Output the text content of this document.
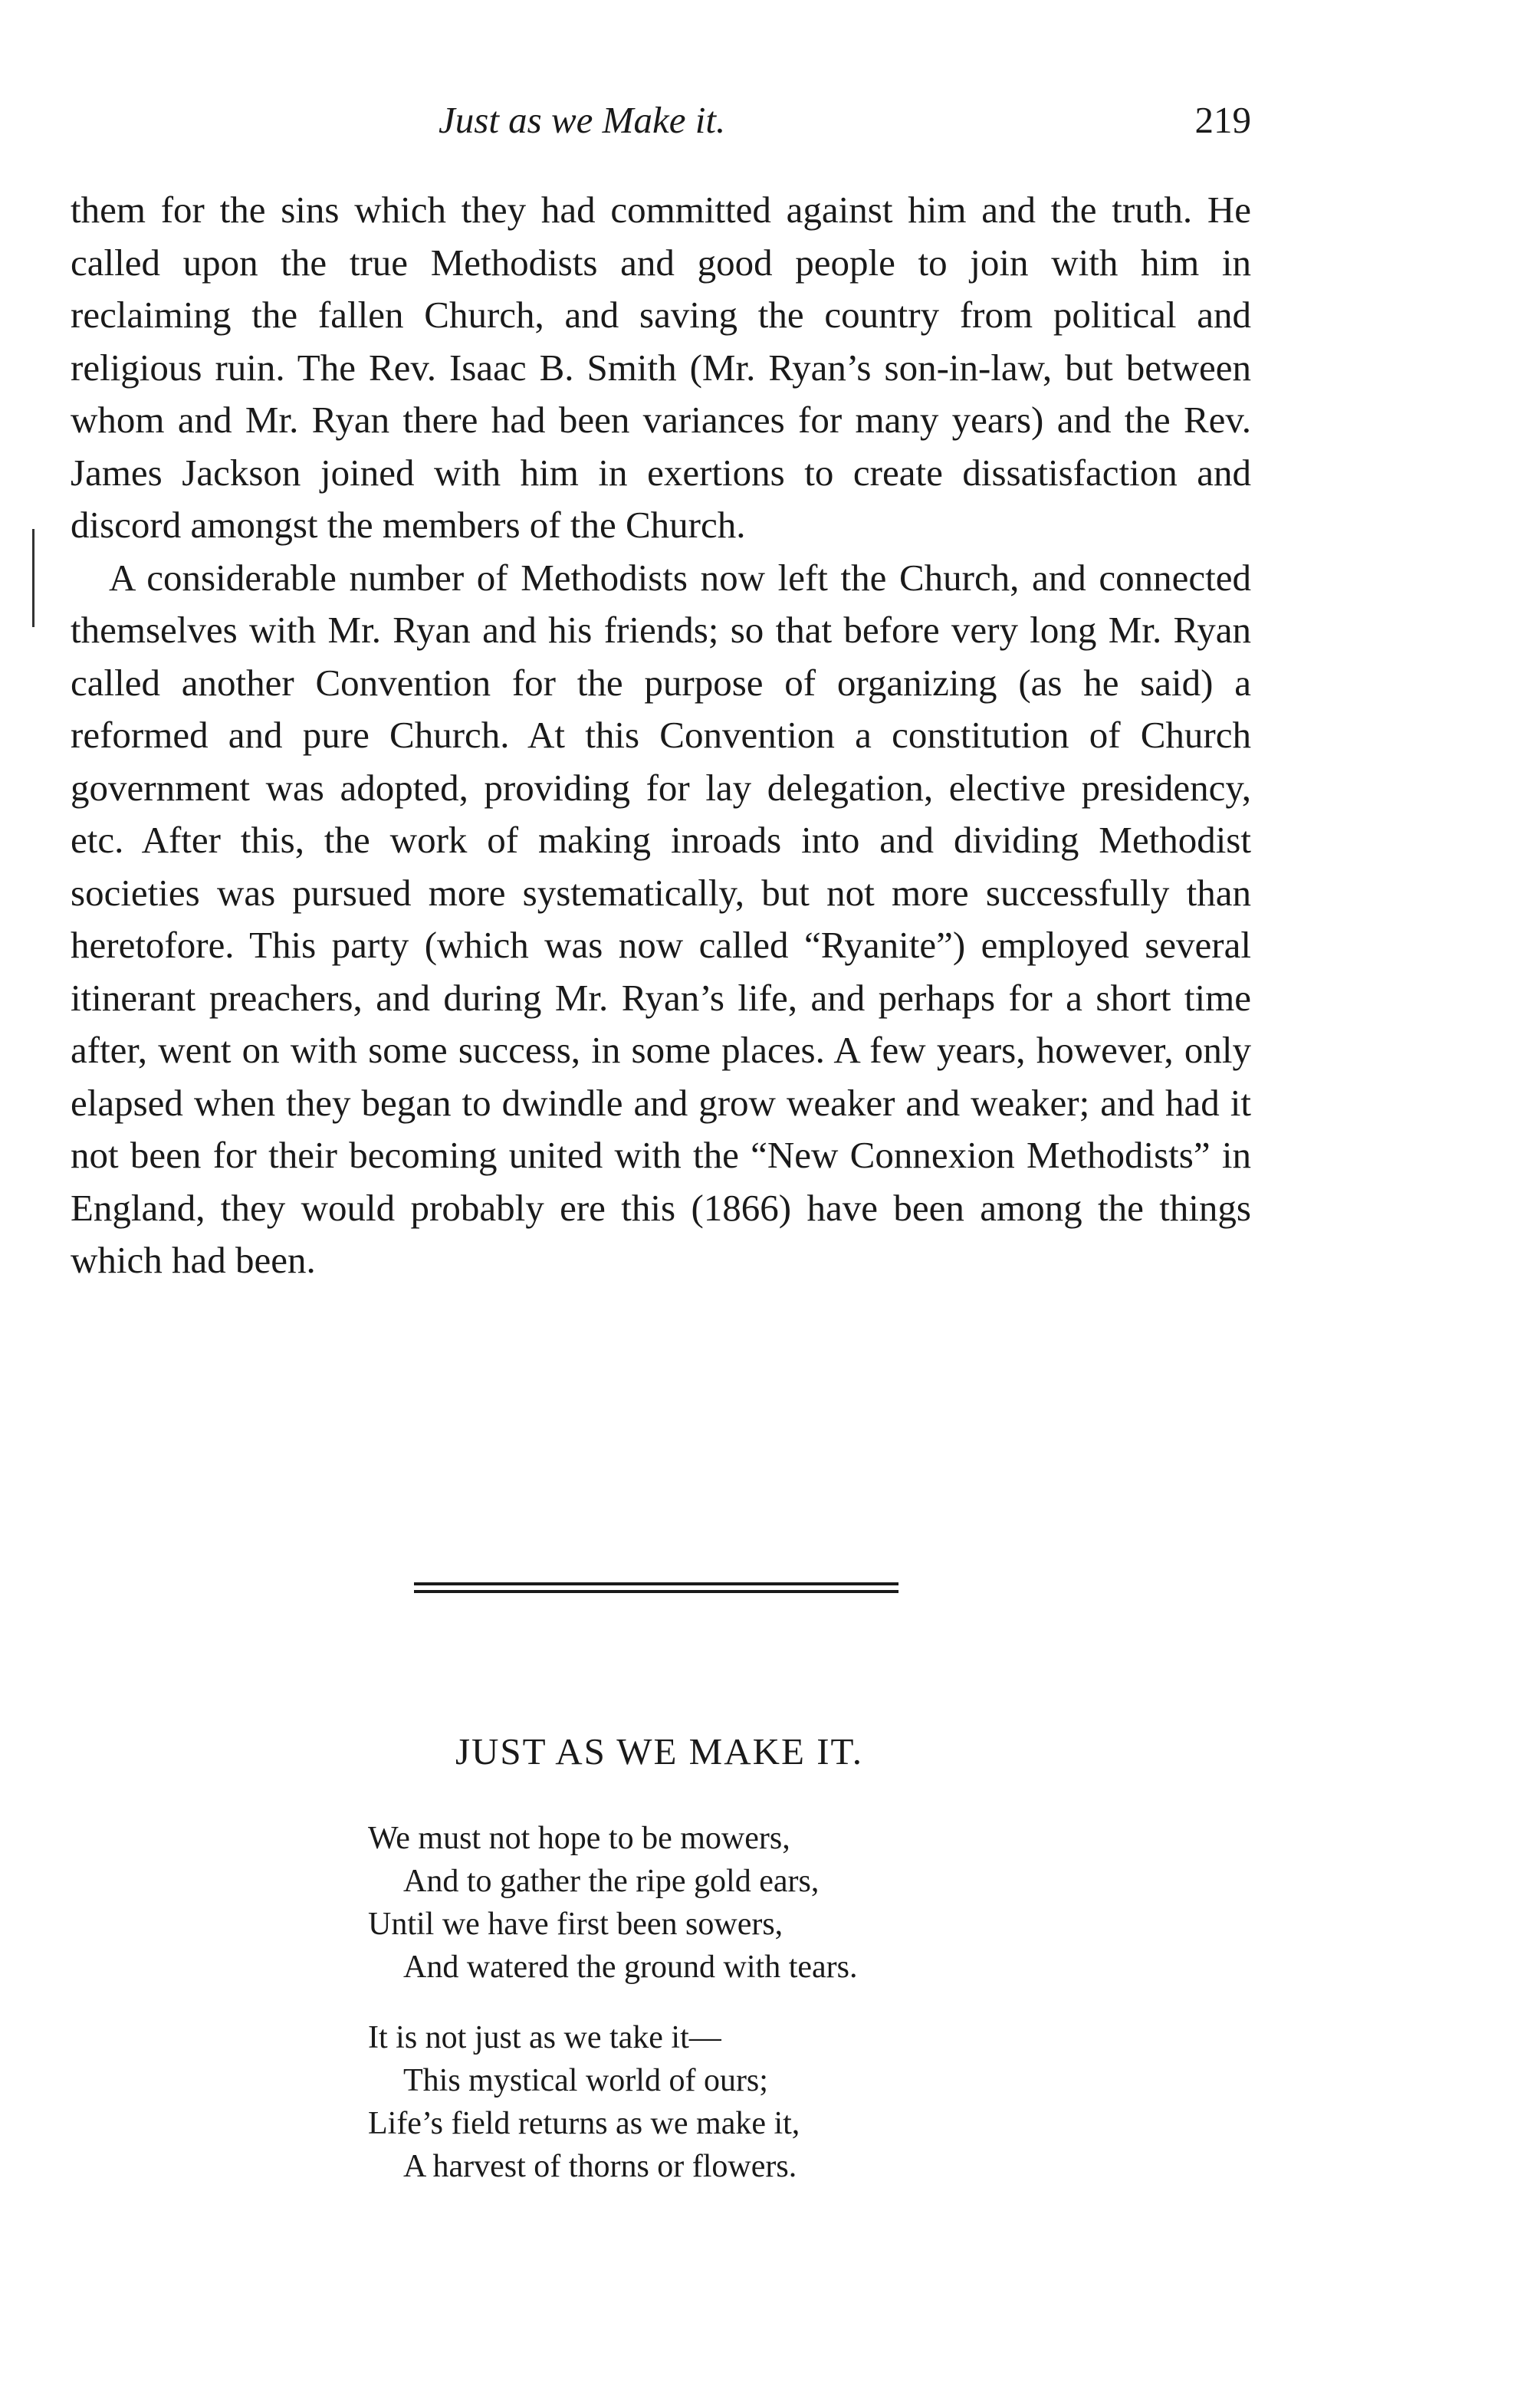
Just as we Make it.	219

them for the sins which they had committed against him and the truth. He called upon the true Methodists and good people to join with him in reclaiming the fallen Church, and saving the country from political and religious ruin. The Rev. Isaac B. Smith (Mr. Ryan’s son-in-law, but between whom and Mr. Ryan there had been variances for many years) and the Rev. James Jackson joined with him in exertions to create dissatisfaction and discord amongst the members of the Church.

A considerable number of Methodists now left the Church, and connected themselves with Mr. Ryan and his friends; so that before very long Mr. Ryan called another Convention for the purpose of organizing (as he said) a reformed and pure Church. At this Convention a constitution of Church government was adopted, providing for lay delegation, elective presidency, etc. After this, the work of making inroads into and dividing Methodist societies was pursued more systematically, but not more successfully than heretofore. This party (which was now called “Ryanite”) employed several itinerant preachers, and during Mr. Ryan’s life, and perhaps for a short time after, went on with some success, in some places. A few years, however, only elapsed when they began to dwindle and grow weaker and weaker; and had it not been for their becoming united with the “New Connexion Methodists” in England, they would probably ere this (1866) have been among the things which had been.

JUST AS WE MAKE IT.
We must not hope to be mowers,
And to gather the ripe gold ears,
Until we have first been sowers,
And watered the ground with tears.
It is not just as we take it—
This mystical world of ours;
Life’s field returns as we make it,
A harvest of thorns or flowers.
